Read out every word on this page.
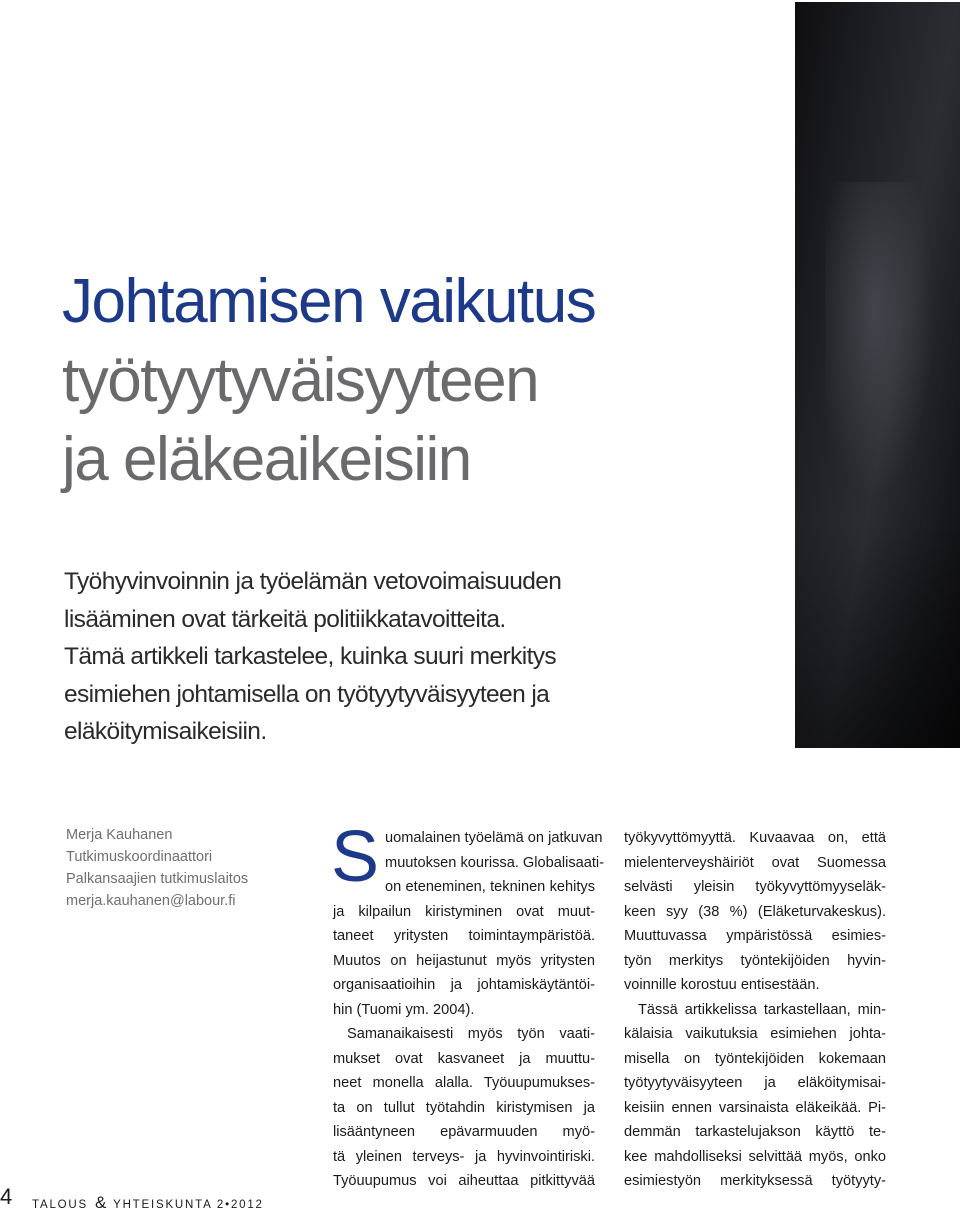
Johtamisen vaikutus
työtyytyväisyyteen
ja eläkeaikeisiin
Työhyvinvoinnin ja työelämän vetovoimaisuuden
lisääminen ovat tärkeitä politiikkatavoitteita.
Tämä artikkeli tarkastelee, kuinka suuri merkitys
esimiehen johtamisella on työtyytyväisyyteen ja
eläköitymisaikeisiin.
Merja Kauhanen
Tutkimuskoordinaattori
Palkansaajien tutkimuslaitos
merja.kauhanen@labour.fi

S uomalainen työelämä on jatkuvan
muutoksen kourissa. Globalisaati-
on eteneminen, tekninen kehitys
ja kilpailun kiristyminen ovat muut-
taneet yritysten toimintaympäristöä.
Muutos on heijastunut myös yritysten
organisaatioihin ja johtamiskäytäntöi-
hin (Tuomi ym. 2004).

Samanaikaisesti myös työn vaati-
mukset ovat kasvaneet ja muuttu-
neet monella alalla. Työuupumukses-
ta on tullut työtahdin kiristymisen ja
lisääntyneen epävarmuuden myö-
tä yleinen terveys- ja hyvinvointiriski.
Työuupumus voi aiheuttaa pitkittyvää

työkyvyttömyyttä. Kuvaavaa on, että
mielenterveyshäiriöt ovat Suomessa
selvästi yleisin työkyvyttömyyseläk-
keen syy (38 %) (Eläketurvakeskus).
Muuttuvassa ympäristössä esimies-
työn merkitys työntekijöiden hyvin-
voinnille korostuu entisestään.

Tässä artikkelissa tarkastellaan, min-
kälaisia vaikutuksia esimiehen johta-
misella on työntekijöiden kokemaan
työtyytyväisyyteen ja eläköitymisai-
keisiin ennen varsinaista eläkeikää. Pi-
demmän tarkastelujakson käyttö te-
kee mahdolliseksi selvittää myös, onko
esimiestyön merkityksessä työtyyty-

4 TALOUS & YHTEISKUNTA 2•2012
